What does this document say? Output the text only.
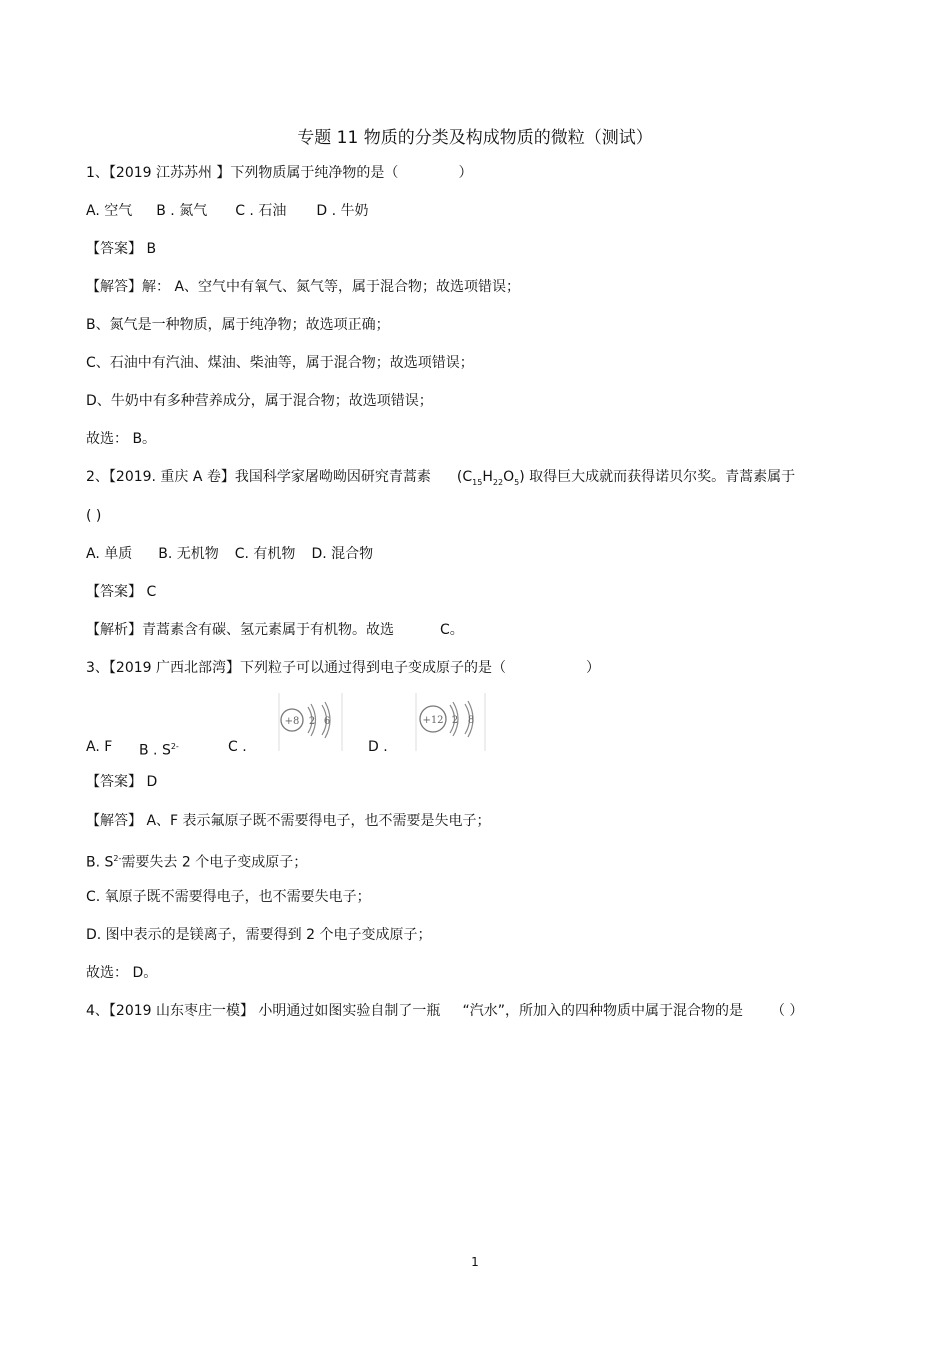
专题 11 物质的分类及构成物质的微粒（测试）
1、【2019 江苏苏州 】下列物质属于纯净物的是（	）
A. 空气 B . 氮气 C . 石油 D . 牛奶
【答案】 B
【解答】解： A、空气中有氧气、氮气等，属于混合物；故选项错误；
B、氮气是一种物质，属于纯净物；故选项正确；
C、石油中有汽油、煤油、柴油等，属于混合物；故选项错误；
D、牛奶中有多种营养成分，属于混合物；故选项错误；
故选： B。
2、【2019. 重庆 A 卷】我国科学家屠呦呦因研究青蒿素 $(C_{15}H_{22}O_5)$ 取得巨大成就而获得诺贝尔奖。青蒿素属于
( )
A. 单质 B. 无机物 C. 有机物 D. 混合物
【答案】 C
【解析】青蒿素含有碳、氢元素属于有机物。故选	C。
3、【2019 广西北部湾】下列粒子可以通过得到电子变成原子的是（	）
A. F B . $S^{2-}$	C .	D .
+8 2 6	+12 2 8
【答案】 D
【解答】 A、F 表示氟原子既不需要得电子，也不需要是失电子；
B. $S^{2-}$需要失去 2 个电子变成原子；
C. 氧原子既不需要得电子，也不需要失电子；
D. 图中表示的是镁离子，需要得到 2 个电子变成原子；
故选： D。
4、【2019 山东枣庄一模】 小明通过如图实验自制了一瓶 “汽水”，所加入的四种物质中属于混合物的是 （ ）
1
